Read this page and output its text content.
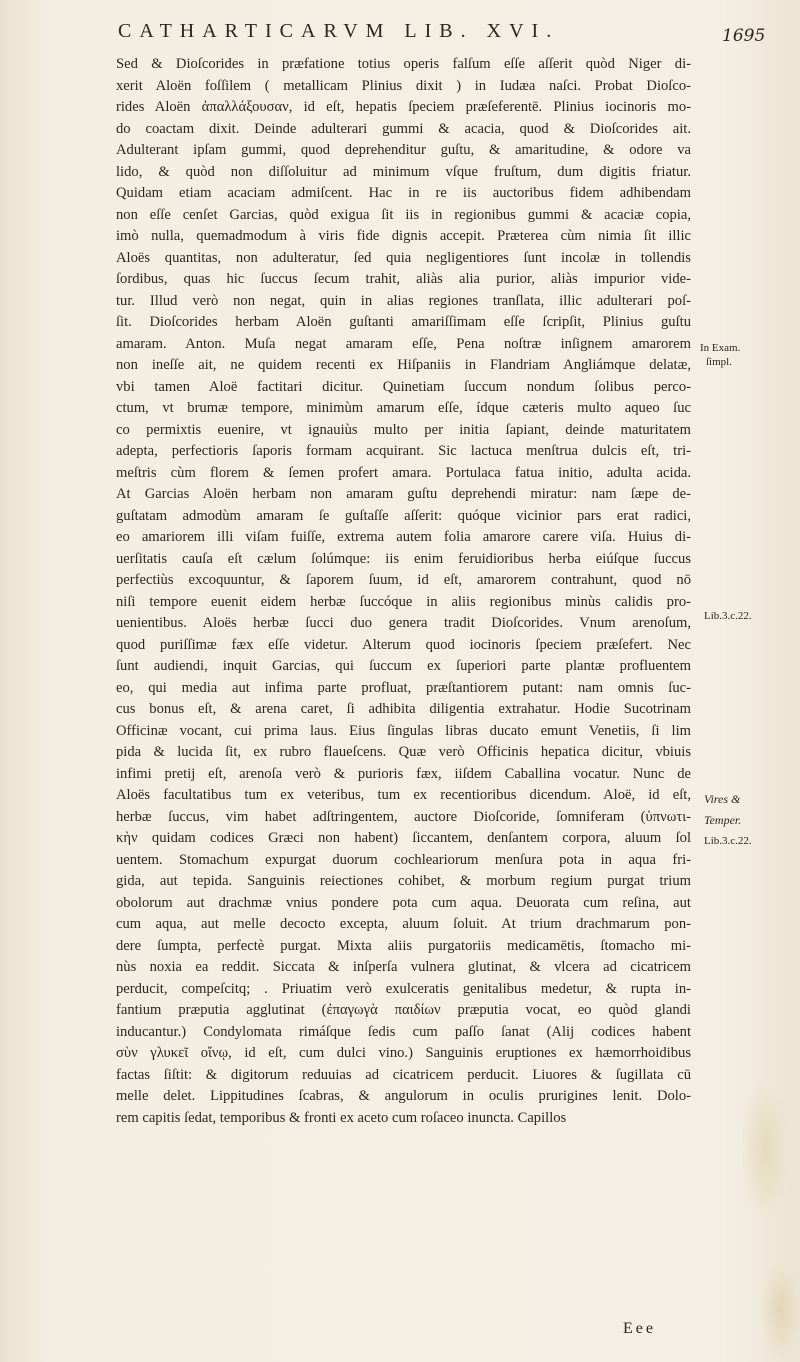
CATHARTICARVM LIB. XVI.	1695
Sed & Dioſcorides in præfatione totius operis falſum eſſe aſſerit quòd Niger di-
xerit Aloën foſſilem ( metallicam Plinius dixit ) in Iudæa naſci. Probat Dioſco-
rides Aloën ἀπαλλάξουσαν, id eſt, hepatis ſpeciem præſeferentē. Plinius iocinoris mo-
do coactam dixit. Deinde adulterari gummi & acacia, quod & Dioſcorides ait.
Adulterant ipſam gummi, quod deprehenditur guſtu, & amaritudine, & odore va
lido, & quòd non diſſoluitur ad minimum vſque fruſtum, dum digitis friatur.
Quidam etiam acaciam admiſcent. Hac in re iis auctoribus fidem adhibendam
non eſſe cenſet Garcias, quòd exigua ſit iis in regionibus gummi & acaciæ copia,
imò nulla, quemadmodum à viris fide dignis accepit. Præterea cùm nimia ſit illic
Aloës quantitas, non adulteratur, ſed quia negligentiores ſunt incolæ in tollendis
ſordibus, quas hic ſuccus ſecum trahit, aliàs alia purior, aliàs impurior vide-
tur. Illud verò non negat, quin in alias regiones tranſlata, illic adulterari poſ-
ſit. Dioſcorides herbam Aloën guſtanti amariſſimam eſſe ſcripſit, Plinius guſtu
amaram. Anton. Muſa negat amaram eſſe, Pena noſtræ inſignem amarorem
non ineſſe ait, ne quidem recenti ex Hiſpaniis in Flandriam Angliámque delatæ,
vbi tamen Aloë factitari dicitur. Quinetiam ſuccum nondum ſolibus perco-
ctum, vt brumæ tempore, minimùm amarum eſſe, ídque cæteris multo aqueo ſuc
co permixtis euenire, vt ignauiùs multo per initia ſapiant, deinde maturitatem
adepta, perfectioris ſaporis formam acquirant. Sic lactuca menſtrua dulcis eſt, tri-
meſtris cùm florem & ſemen profert amara. Portulaca fatua initio, adulta acida.
At Garcias Aloën herbam non amaram guſtu deprehendi miratur: nam ſæpe de-
guſtatam admodùm amaram ſe guſtaſſe aſſerit: quóque vicinior pars erat radici,
eo amariorem illi viſam fuiſſe, extrema autem folia amarore carere viſa. Huius di-
uerſitatis cauſa eſt cælum ſolúmque: iis enim feruidioribus herba eiúſque ſuccus
perfectiùs excoquuntur, & ſaporem ſuum, id eſt, amarorem contrahunt, quod nō
niſi tempore euenit eidem herbæ ſuccóque in aliis regionibus minùs calidis pro-
uenientibus. Aloës herbæ ſucci duo genera tradit Dioſcorides. Vnum arenoſum,
quod puriſſimæ fæx eſſe videtur. Alterum quod iocinoris ſpeciem præſefert. Nec
ſunt audiendi, inquit Garcias, qui ſuccum ex ſuperiori parte plantæ profluentem
eo, qui media aut infima parte profluat, præſtantiorem putant: nam omnis ſuc-
cus bonus eſt, & arena caret, ſi adhibita diligentia extrahatur. Hodie Sucotrinam
Officinæ vocant, cui prima laus. Eius ſingulas libras ducato emunt Venetiis, ſi lim
pida & lucida ſit, ex rubro flaueſcens. Quæ verò Officinis hepatica dicitur, vbiuis
infimi pretij eſt, arenoſa verò & purioris fæx, iiſdem Caballina vocatur. Nunc de
Aloës facultatibus tum ex veteribus, tum ex recentioribus dicendum. Aloë, id eſt,
herbæ ſuccus, vim habet adſtringentem, auctore Dioſcoride, ſomniferam (ὑπνωτι-
κὴν quidam codices Græci non habent) ſiccantem, denſantem corpora, aluum ſol
uentem. Stomachum expurgat duorum cochleariorum menſura pota in aqua fri-
gida, aut tepida. Sanguinis reiectiones cohibet, & morbum regium purgat trium
obolorum aut drachmæ vnius pondere pota cum aqua. Deuorata cum reſina, aut
cum aqua, aut melle decocto excepta, aluum ſoluit. At trium drachmarum pon-
dere ſumpta, perfectè purgat. Mixta aliis purgatoriis medicamētis, ſtomacho mi-
nùs noxia ea reddit. Siccata & inſperſa vulnera glutinat, & vlcera ad cicatricem
perducit, compeſcitq; . Priuatim verò exulceratis genitalibus medetur, & rupta in-
fantium præputia agglutinat (ἐπαγωγὰ παιδίων præputia vocat, eo quòd glandi
inducantur.) Condylomata rimáſque ſedis cum paſſo ſanat (Alij codices habent
σὺν γλυκεῖ οἴνῳ, id eſt, cum dulci vino.) Sanguinis eruptiones ex hæmorrhoidibus
factas ſiſtit: & digitorum reduuias ad cicatricem perducit. Liuores & ſugillata cū
melle delet. Lippitudines ſcabras, & angulorum in oculis prurigines lenit. Dolo-
rem capitis ſedat, temporibus & fronti ex aceto cum roſaceo inuncta. Capillos
In Exam.
ſimpl.
Lib.3.c.22.
Vires &
Temper.
Lib.3.c.22.
Eee
